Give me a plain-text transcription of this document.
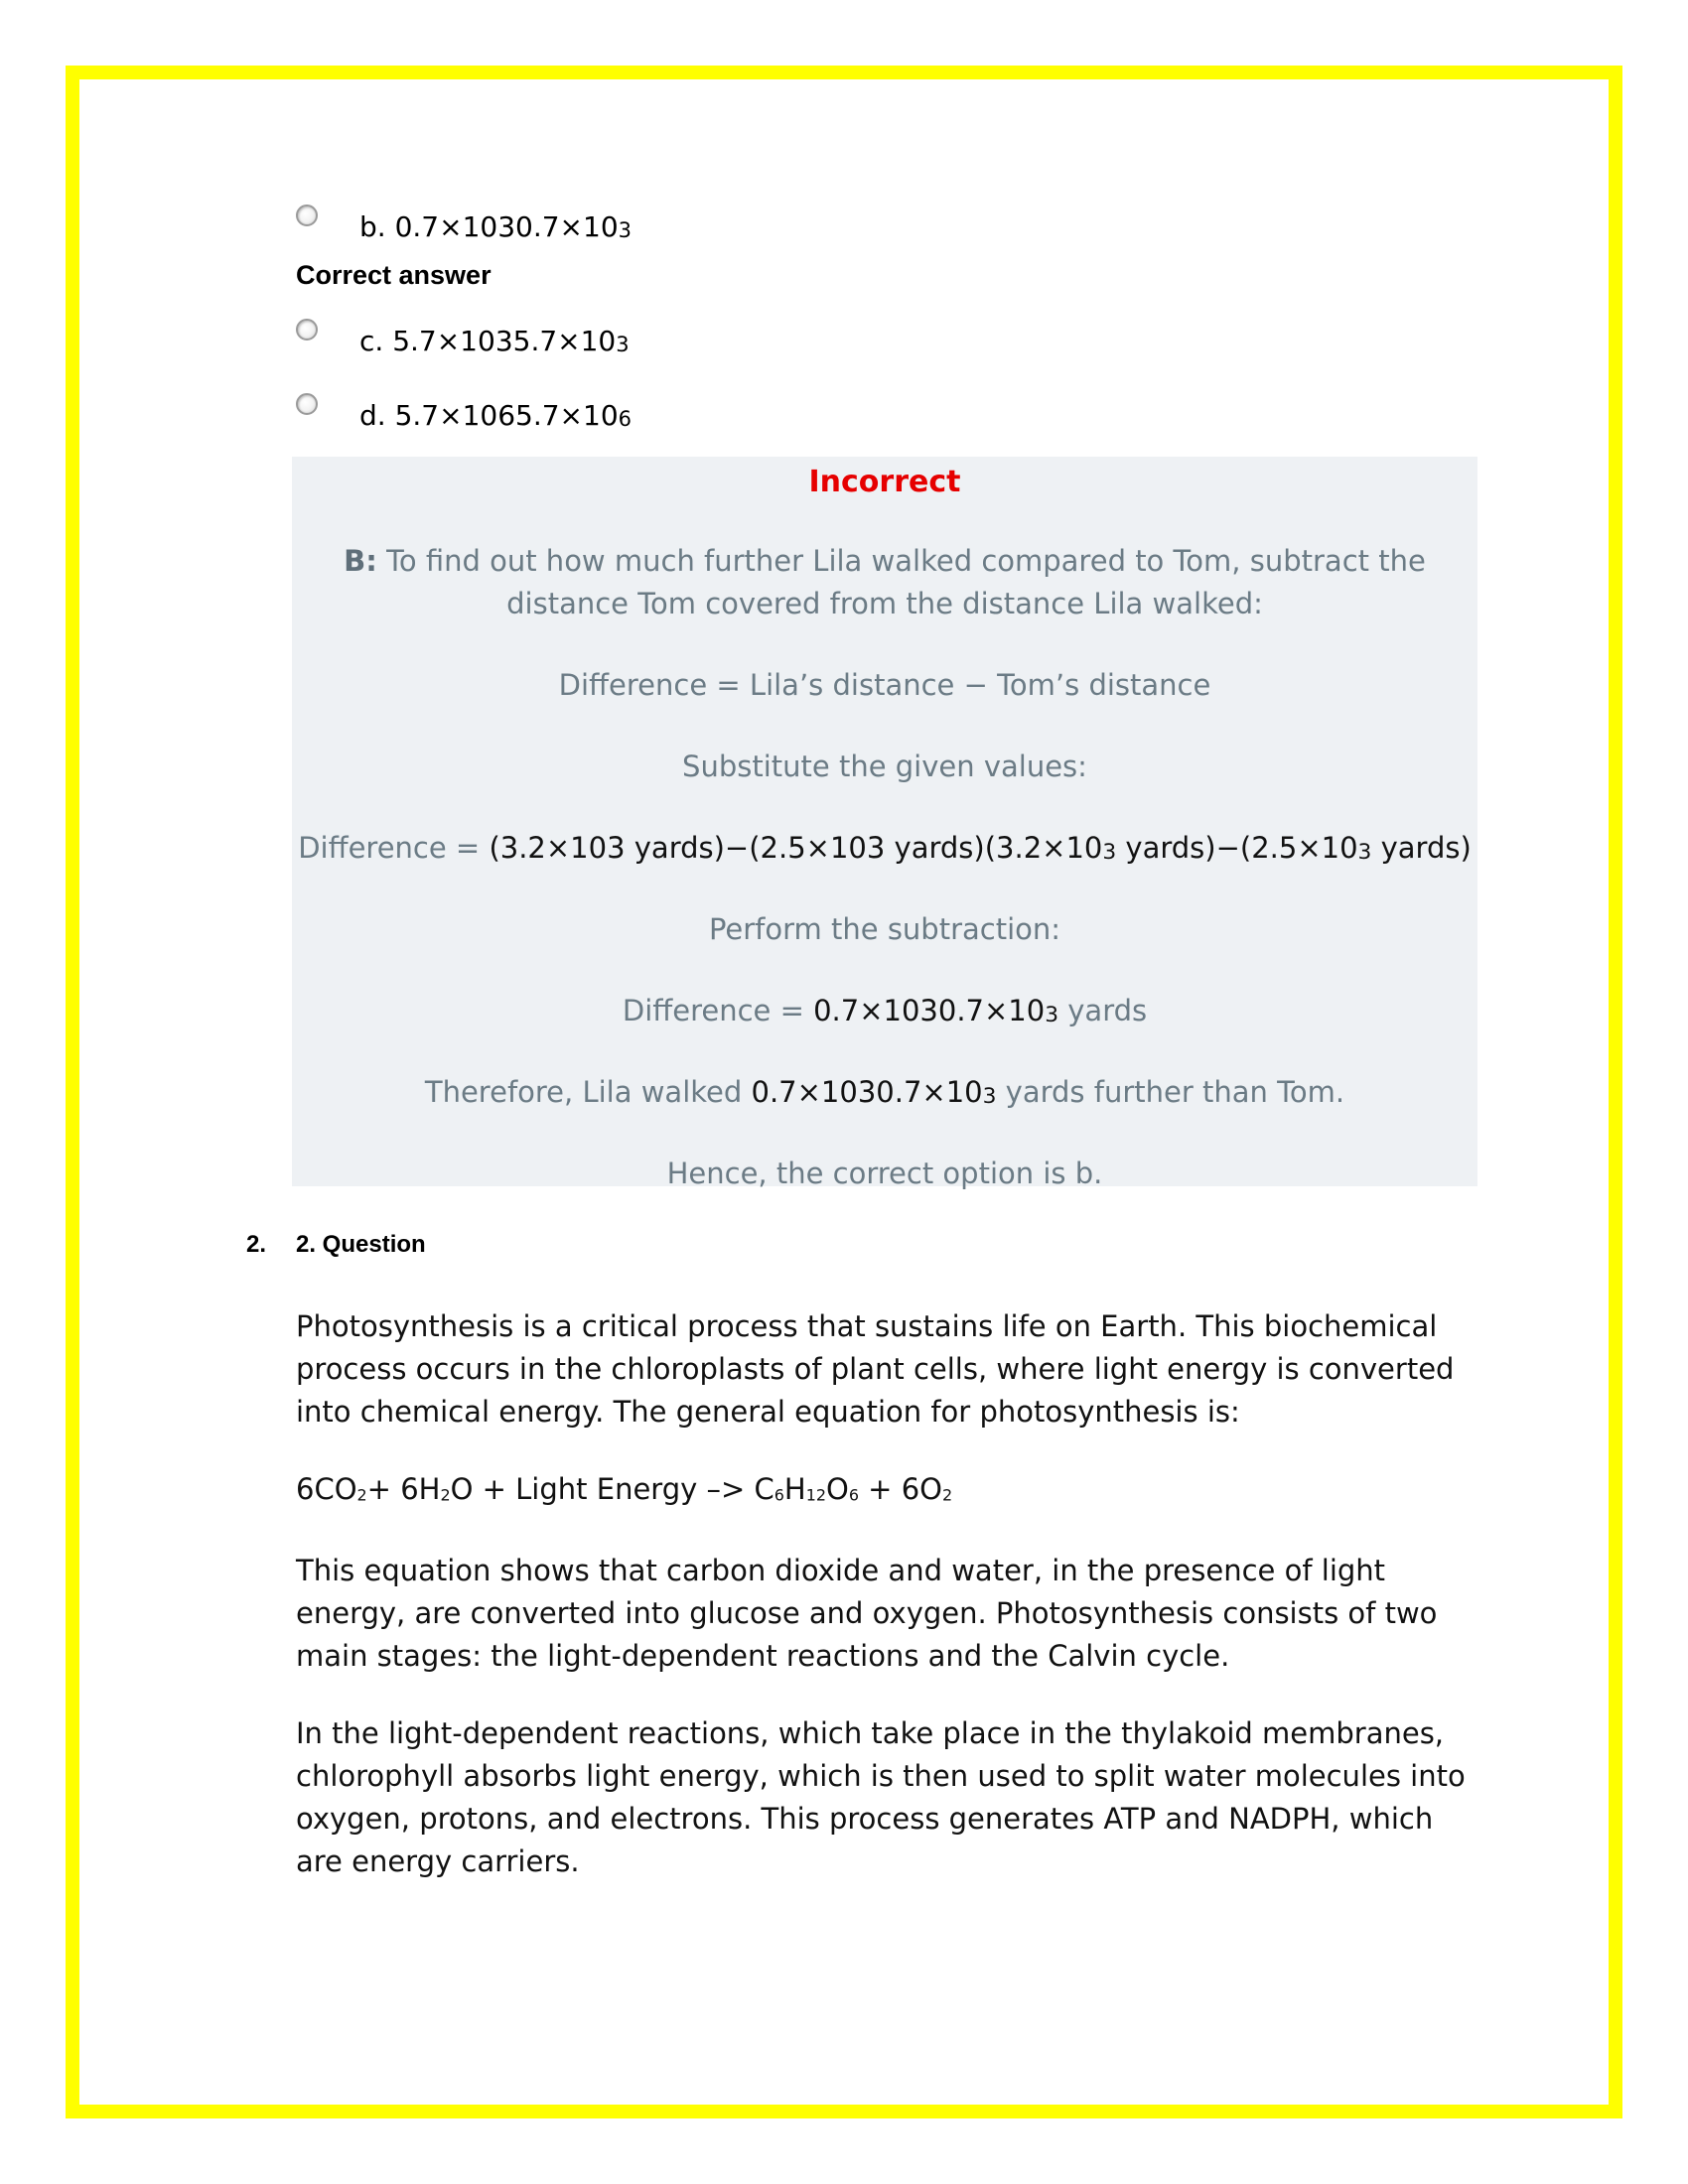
b. $0.7\times 1030.7\times 10_3$
Correct answer
c. $5.7\times 1035.7\times 10_3$
d. $5.7\times 1065.7\times 10_6$
Incorrect
B: To find out how much further Lila walked compared to Tom, subtract the
distance Tom covered from the distance Lila walked:
Difference = Lila’s distance − Tom’s distance
Substitute the given values:
Difference = (3.2×103 yards)−(2.5×103 $yards)(3.2\times 10_3$ $yards)-(2.5\times 10_3$ yards)
Perform the subtraction:
Difference = $0.7\times 1030.7\times 10_3$ yards
Therefore, Lila walked $0.7\times 1030.7\times 10_3$ yards further than Tom.
Hence, the correct option is b.
2. 2. Question
Photosynthesis is a critical process that sustains life on Earth. This biochemical process occurs in the chloroplasts of plant cells, where light energy is converted into chemical energy. The general equation for photosynthesis is:
$6CO_2+ 6H_2O$ + Light Energy –> $C_6H_{12}O_6 + 6O_2$
This equation shows that carbon dioxide and water, in the presence of light energy, are converted into glucose and oxygen. Photosynthesis consists of two main stages: the light-dependent reactions and the Calvin cycle.
In the light-dependent reactions, which take place in the thylakoid membranes, chlorophyll absorbs light energy, which is then used to split water molecules into oxygen, protons, and electrons. This process generates ATP and NADPH, which are energy carriers.
